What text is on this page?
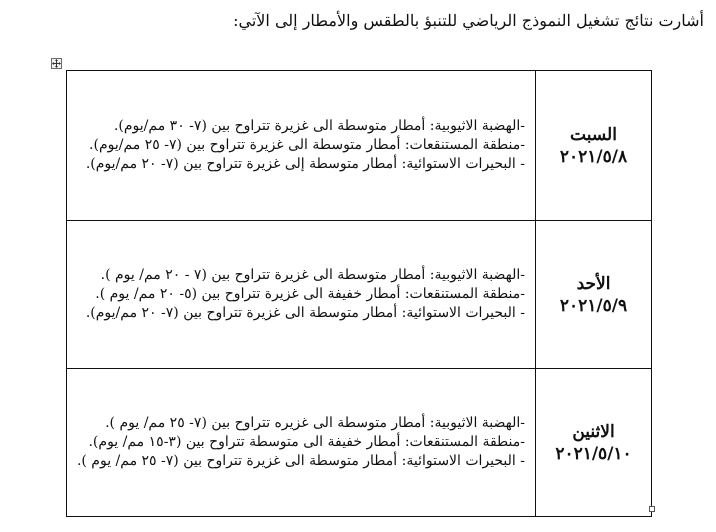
أشارت نتائج تشغيل النموذج الرياضي للتنبؤ بالطقس والأمطار إلى الآتي:
السبت
٢٠٢١/٥/٨	-الهضبة الاثيوبية: أمطار متوسطة الى غزيرة تتراوح بين (٧- ٣٠ مم/يوم).
-منطقة المستنقعات: أمطار متوسطة الى غزيرة تتراوح بين (٧- ٢٥ مم/يوم).
- البحيرات الاستوائية: أمطار متوسطة إلى غزيرة تتراوح بين (٧- ٢٠ مم/يوم).

الأحد
٢٠٢١/٥/٩	-الهضبة الاثيوبية: أمطار متوسطة الى غزيرة تتراوح بين (٧ - ٢٠ مم/ يوم ).
-منطقة المستنقعات: أمطار خفيفة الى غزيرة تتراوح بين (٥- ٢٠ مم/ يوم ).
- البحيرات الاستوائية: أمطار متوسطة الى غزيرة تتراوح بين (٧- ٢٠ مم/يوم).

الاثنين
٢٠٢١/٥/١٠	-الهضبة الاثيوبية: أمطار متوسطة الى غزيره تتراوح بين (٧- ٢٥ مم/ يوم ).
-منطقة المستنقعات: أمطار خفيفة الى متوسطة تتراوح بين (٣-١٥ مم/ يوم).
- البحيرات الاستوائية: أمطار متوسطة الى غزيرة تتراوح بين (٧- ٢٥ مم/ يوم ).
